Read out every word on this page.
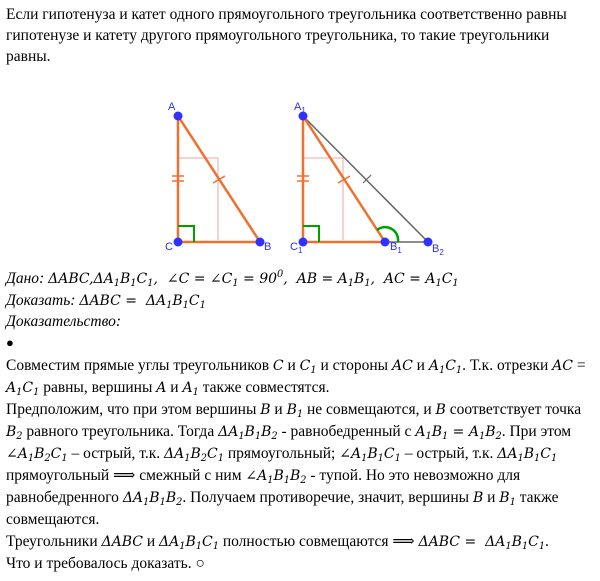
Если гипотенуза и катет одного прямоугольного треугольника соответственно равны гипотенузе и катету другого прямоугольного треугольника, то такие треугольники равны.
A
C	B
$A_1$
$C_1$	$B_1$	$B_2$
Дано: $\Delta ABC,\Delta A_1B_1C_1$,  ∠C = $\angle C_1 = 90^0$,  AB = $A_1B_1$,  AC = $A_1C_1$
Доказать: $\Delta ABC = \Delta A_1B_1C_1$
Доказательство:
●
Совместим прямые углы треугольников C и $C_1$ и стороны AC и $A_1C_1$. Т.к. отрезки AC = $A_1C_1$ равны, вершины A и $A_1$ также совместятся.
Предположим, что при этом вершины B и $B_1$ не совмещаются, и B соответствует точка $B_2$ равного треугольника. Тогда $\Delta A_1B_1B_2$ - равнобедренный с $A_1B_1 = A_1B_2$. При этом $\angle A_1B_2C_1$ – острый, т.к. $\Delta A_1B_2C_1$ прямоугольный; $\angle A_1B_1C_1$ – острый, т.к. $\Delta A_1B_1C_1$ прямоугольный ⟹ смежный с ним $\angle A_1B_1B_2$ - тупой. Но это невозможно для равнобедренного $\Delta A_1B_1B_2$. Получаем противоречие, значит, вершины B и $B_1$ также совмещаются.
Треугольники ΔABC и $\Delta A_1B_1C_1$ полностью совмещаются ⟹ $\Delta ABC = \Delta A_1B_1C_1$.
Что и требовалось доказать. ○
